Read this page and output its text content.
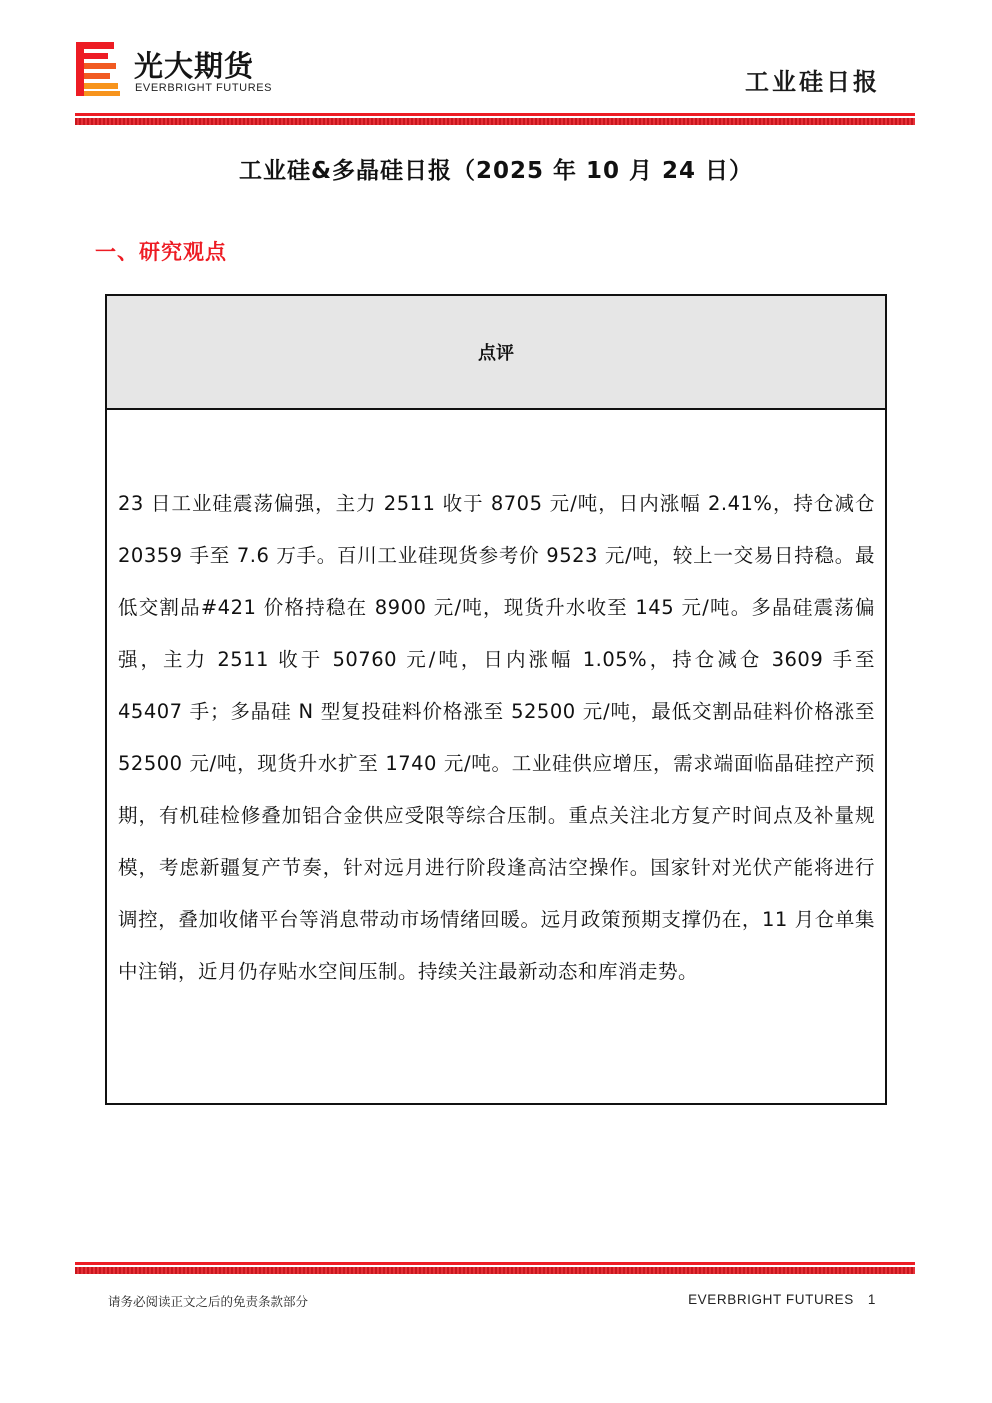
光大期货
EVERBRIGHT FUTURES	工业硅日报
工业硅&多晶硅日报（2025 年 10 月 24 日）
一、研究观点
点评
23 日工业硅震荡偏强，主力 2511 收于 8705 元/吨，日内涨幅 2.41%，持仓减仓 20359 手至 7.6 万手。百川工业硅现货参考价 9523 元/吨，较上一交易日持稳。最低交割品#421 价格持稳在 8900 元/吨，现货升水收至 145 元/吨。多晶硅震荡偏强，主力 2511 收于 50760 元/吨，日内涨幅 1.05%，持仓减仓 3609 手至 45407 手；多晶硅 N 型复投硅料价格涨至 52500 元/吨，最低交割品硅料价格涨至 52500 元/吨，现货升水扩至 1740 元/吨。工业硅供应增压，需求端面临晶硅控产预期，有机硅检修叠加铝合金供应受限等综合压制。重点关注北方复产时间点及补量规模，考虑新疆复产节奏，针对远月进行阶段逢高沽空操作。国家针对光伏产能将进行调控，叠加收储平台等消息带动市场情绪回暖。远月政策预期支撑仍在，11 月仓单集中注销，近月仍存贴水空间压制。持续关注最新动态和库消走势。
请务必阅读正文之后的免责条款部分	EVERBRIGHT FUTURES 1
